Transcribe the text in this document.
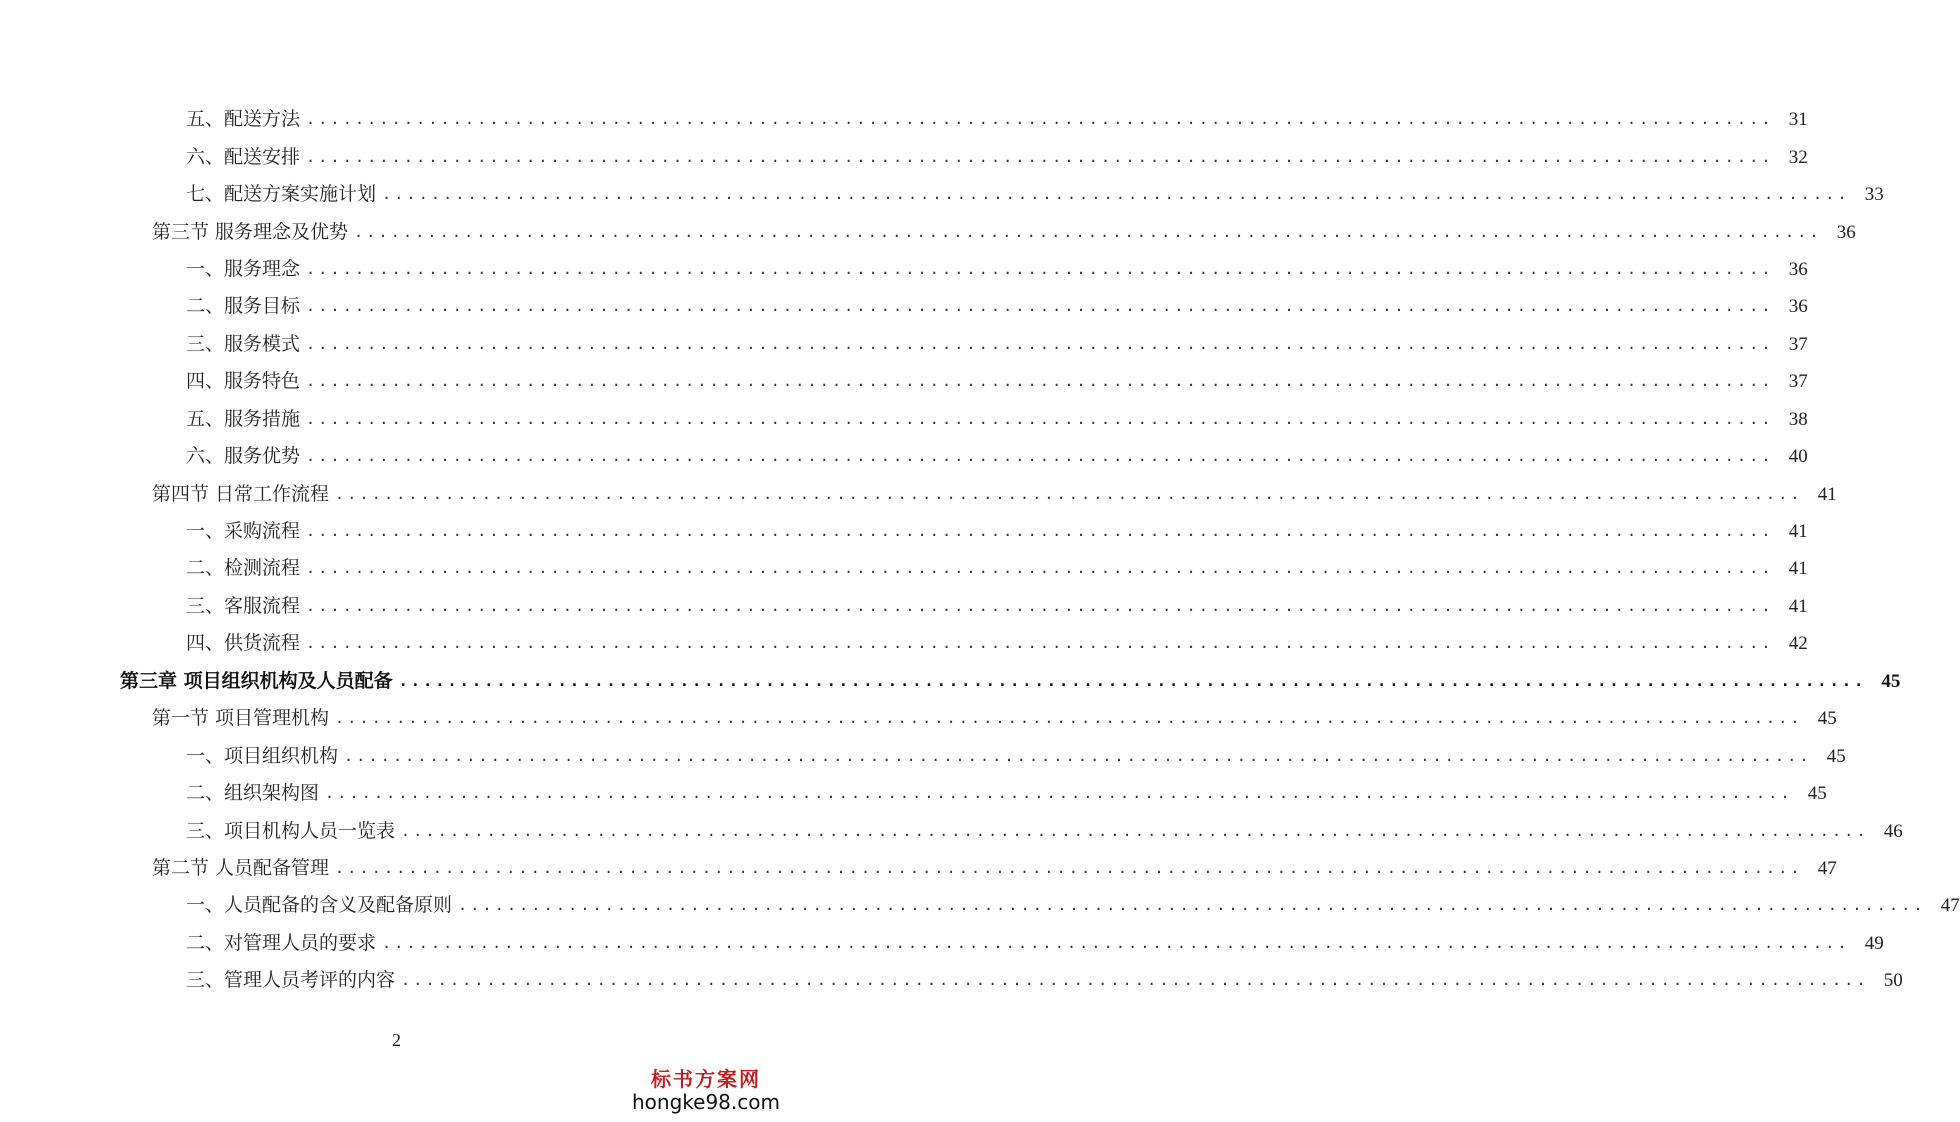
五、配送方法 ........................................................................................................................ 31
六、配送安排 ........................................................................................................................ 32
七、配送方案实施计划 ........................................................................................................................ 33
第三节 服务理念及优势 ........................................................................................................................ 36
一、服务理念 ........................................................................................................................ 36
二、服务目标 ........................................................................................................................ 36
三、服务模式 ........................................................................................................................ 37
四、服务特色 ........................................................................................................................ 37
五、服务措施 ........................................................................................................................ 38
六、服务优势 ........................................................................................................................ 40
第四节 日常工作流程 ........................................................................................................................ 41
一、采购流程 ........................................................................................................................ 41
二、检测流程 ........................................................................................................................ 41
三、客服流程 ........................................................................................................................ 41
四、供货流程 ........................................................................................................................ 42
第三章 项目组织机构及人员配备 ........................................................................................................................ 45
第一节 项目管理机构 ........................................................................................................................ 45
一、项目组织机构 ........................................................................................................................ 45
二、组织架构图 ........................................................................................................................ 45
三、项目机构人员一览表 ........................................................................................................................ 46
第二节 人员配备管理 ........................................................................................................................ 47
一、人员配备的含义及配备原则 ........................................................................................................................ 47
二、对管理人员的要求 ........................................................................................................................ 49
三、管理人员考评的内容 ........................................................................................................................ 50
2
标书方案网
hongke98.com
